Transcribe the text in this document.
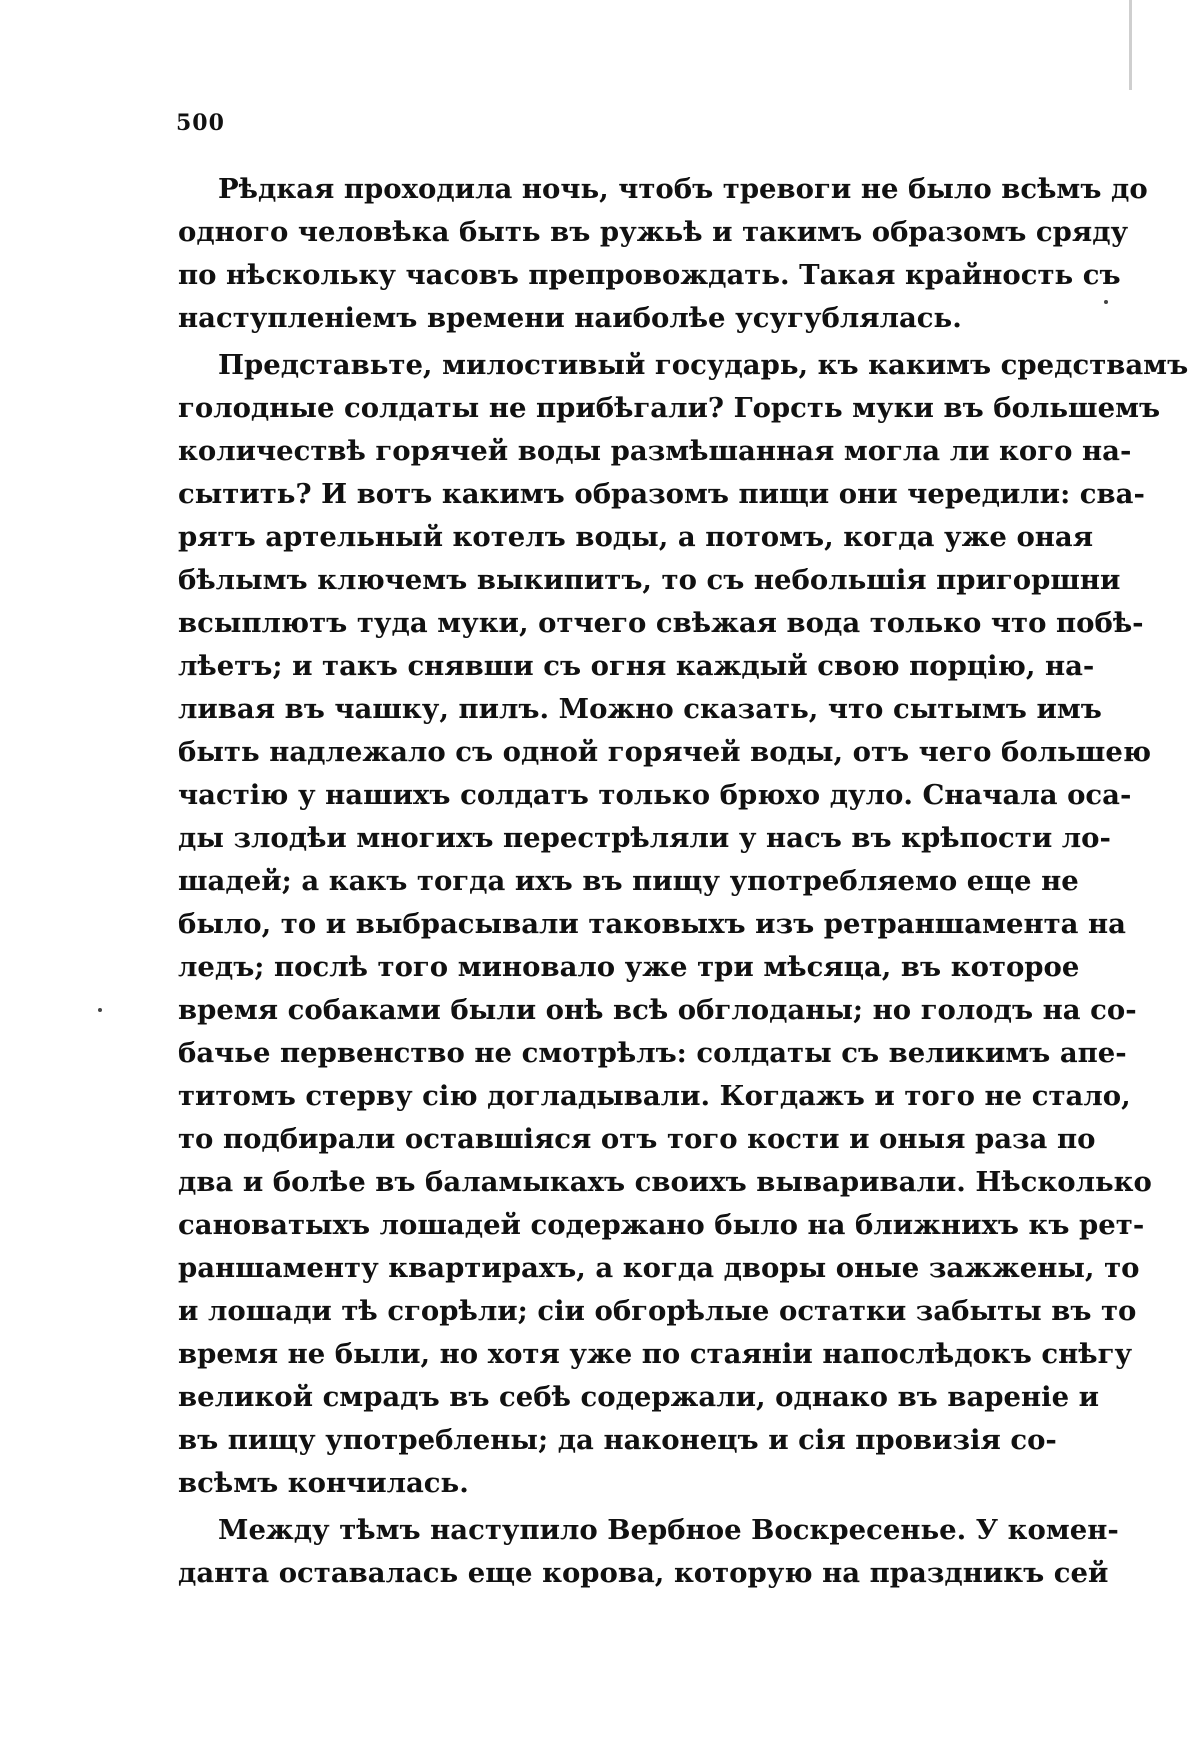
500
Рѣдкая проходила ночь, чтобъ тревоги не было всѣмъ до
одного человѣка быть въ ружьѣ и такимъ образомъ сряду
по нѣскольку часовъ препровождать. Такая крайность съ
наступленіемъ времени наиболѣе усугублялась.
Представьте, милостивый государь, къ какимъ средствамъ
голодные солдаты не прибѣгали? Горсть муки въ большемъ
количествѣ горячей воды размѣшанная могла ли кого на-
сытить? И вотъ какимъ образомъ пищи они чередили: сва-
рятъ артельный котелъ воды, а потомъ, когда уже оная
бѣлымъ ключемъ выкипитъ, то съ небольшія пригоршни
всыплютъ туда муки, отчего свѣжая вода только что побѣ-
лѣетъ; и такъ снявши съ огня каждый свою порцію, на-
ливая въ чашку, пилъ. Можно сказать, что сытымъ имъ
быть надлежало съ одной горячей воды, отъ чего большею
частію у нашихъ солдатъ только брюхо дуло. Сначала оса-
ды злодѣи многихъ перестрѣляли у насъ въ крѣпости ло-
шадей; а какъ тогда ихъ въ пищу употребляемо еще не
было, то и выбрасывали таковыхъ изъ ретраншамента на
ледъ; послѣ того миновало уже три мѣсяца, въ которое
время собаками были онѣ всѣ обглоданы; но голодъ на со-
бачье первенство не смотрѣлъ: солдаты съ великимъ апе-
титомъ стерву сію догладывали. Когдажъ и того не стало,
то подбирали оставшіяся отъ того кости и оныя раза по
два и болѣе въ баламыкахъ своихъ вываривали. Нѣсколько
сановатыхъ лошадей содержано было на ближнихъ къ рет-
раншаменту квартирахъ, а когда дворы оные зажжены, то
и лошади тѣ сгорѣли; сіи обгорѣлые остатки забыты въ то
время не были, но хотя уже по стаяніи напослѣдокъ снѣгу
великой смрадъ въ себѣ содержали, однако въ вареніе и
въ пищу употреблены; да наконецъ и сія провизія со-
всѣмъ кончилась.
Между тѣмъ наступило Вербное Воскресенье. У комен-
данта оставалась еще корова, которую на праздникъ сей
